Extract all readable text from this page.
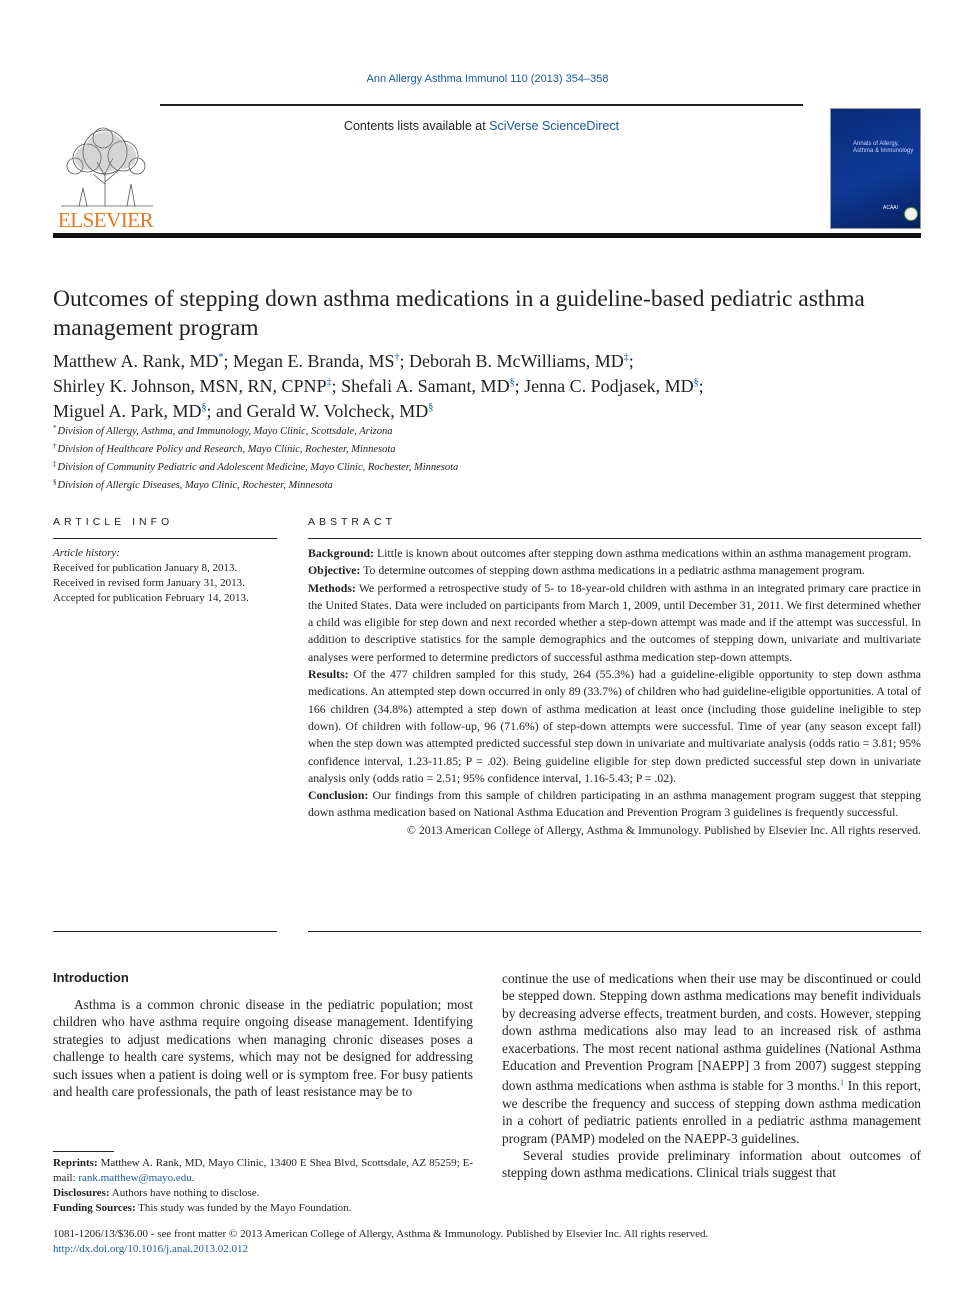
Ann Allergy Asthma Immunol 110 (2013) 354–358
ELSEVIER
Contents lists available at SciVerse ScienceDirect
Annals of Allergy, Asthma & Immunology
ACAAI
Outcomes of stepping down asthma medications in a guideline-based pediatric asthma management program
Matthew A. Rank, MD*; Megan E. Branda, MS†; Deborah B. McWilliams, MD‡;
Shirley K. Johnson, MSN, RN, CPNP‡; Shefali A. Samant, MD§; Jenna C. Podjasek, MD§;
Miguel A. Park, MD§; and Gerald W. Volcheck, MD§
*Division of Allergy, Asthma, and Immunology, Mayo Clinic, Scottsdale, Arizona
†Division of Healthcare Policy and Research, Mayo Clinic, Rochester, Minnesota
‡Division of Community Pediatric and Adolescent Medicine, Mayo Clinic, Rochester, Minnesota
§Division of Allergic Diseases, Mayo Clinic, Rochester, Minnesota
ARTICLE INFO	ABSTRACT
Article history:
Received for publication January 8, 2013.
Received in revised form January 31, 2013.
Accepted for publication February 14, 2013.

Background: Little is known about outcomes after stepping down asthma medications within an asthma management program.

Objective: To determine outcomes of stepping down asthma medications in a pediatric asthma management program.

Methods: We performed a retrospective study of 5- to 18-year-old children with asthma in an integrated primary care practice in the United States. Data were included on participants from March 1, 2009, until December 31, 2011. We first determined whether a child was eligible for step down and next recorded whether a step-down attempt was made and if the attempt was successful. In addition to descriptive statistics for the sample demographics and the outcomes of stepping down, univariate and multivariate analyses were performed to determine predictors of successful asthma medication step-down attempts.

Results: Of the 477 children sampled for this study, 264 (55.3%) had a guideline-eligible opportunity to step down asthma medications. An attempted step down occurred in only 89 (33.7%) of children who had guideline-eligible opportunities. A total of 166 children (34.8%) attempted a step down of asthma medication at least once (including those guideline ineligible to step down). Of children with follow-up, 96 (71.6%) of step-down attempts were successful. Time of year (any season except fall) when the step down was attempted predicted successful step down in univariate and multivariate analysis (odds ratio = 3.81; 95% confidence interval, 1.23-11.85; P = .02). Being guideline eligible for step down predicted successful step down in univariate analysis only (odds ratio = 2.51; 95% confidence interval, 1.16-5.43; P = .02).

Conclusion: Our findings from this sample of children participating in an asthma management program suggest that stepping down asthma medication based on National Asthma Education and Prevention Program 3 guidelines is frequently successful.

© 2013 American College of Allergy, Asthma & Immunology. Published by Elsevier Inc. All rights reserved.

Introduction

Asthma is a common chronic disease in the pediatric population; most children who have asthma require ongoing disease management. Identifying strategies to adjust medications when managing chronic diseases poses a challenge to health care systems, which may not be designed for addressing such issues when a patient is doing well or is symptom free. For busy patients and health care professionals, the path of least resistance may be to

continue the use of medications when their use may be discontinued or could be stepped down. Stepping down asthma medications may benefit individuals by decreasing adverse effects, treatment burden, and costs. However, stepping down asthma medications also may lead to an increased risk of asthma exacerbations. The most recent national asthma guidelines (National Asthma Education and Prevention Program [NAEPP] 3 from 2007) suggest stepping down asthma medications when asthma is stable for 3 months.$^1$ In this report, we describe the frequency and success of stepping down asthma medication in a cohort of pediatric patients enrolled in a pediatric asthma management program (PAMP) modeled on the NAEPP-3 guidelines.

Several studies provide preliminary information about outcomes of stepping down asthma medications. Clinical trials suggest that

Reprints: Matthew A. Rank, MD, Mayo Clinic, 13400 E Shea Blvd, Scottsdale, AZ 85259; E-mail: rank.matthew@mayo.edu.
Disclosures: Authors have nothing to disclose.
Funding Sources: This study was funded by the Mayo Foundation.
1081-1206/13/$36.00 - see front matter © 2013 American College of Allergy, Asthma & Immunology. Published by Elsevier Inc. All rights reserved.
http://dx.doi.org/10.1016/j.anai.2013.02.012
